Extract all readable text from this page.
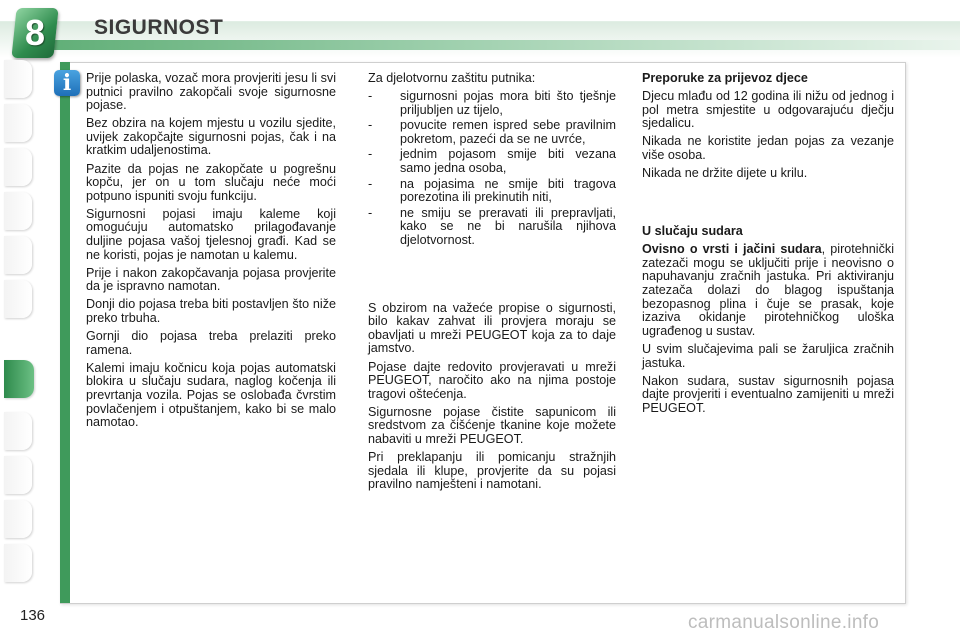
8	SIGURNOST
i	Prije polaska, vozač mora provjeriti jesu li svi putnici pravilno zakopčali svoje sigurnosne pojase.

Bez obzira na kojem mjestu u vozilu sjedite, uvijek zakopčajte sigurnosni pojas, čak i na kratkim udaljenostima.

Pazite da pojas ne zakopčate u pogrešnu kopču, jer on u tom slučaju neće moći potpuno ispuniti svoju funkciju.

Sigurnosni pojasi imaju kaleme koji omogućuju automatsko prilagođavanje duljine pojasa vašoj tjelesnoj građi. Kad se ne koristi, pojas je namotan u kalemu.

Prije i nakon zakopčavanja pojasa provjerite da je ispravno namotan.

Donji dio pojasa treba biti postavljen što niže preko trbuha.

Gornji dio pojasa treba prelaziti preko ramena.

Kalemi imaju kočnicu koja pojas automatski blokira u slučaju sudara, naglog kočenja ili prevrtanja vozila. Pojas se oslobađa čvrstim povlačenjem i otpuštanjem, kako bi se malo namotao.

Za djelotvornu zaštitu putnika:

- sigurnosni pojas mora biti što tješnje priljubljen uz tijelo,
- povucite remen ispred sebe pravilnim pokretom, pazeći da se ne uvrće,
- jednim pojasom smije biti vezana samo jedna osoba,
- na pojasima ne smije biti tragova porezotina ili prekinutih niti,
- ne smiju se preravati ili prepravljati, kako se ne bi narušila njihova djelotvornost.

S obzirom na važeće propise o sigurnosti, bilo kakav zahvat ili provjera moraju se obavljati u mreži PEUGEOT koja za to daje jamstvo.

Pojase dajte redovito provjeravati u mreži PEUGEOT, naročito ako na njima postoje tragovi oštećenja.

Sigurnosne pojase čistite sapunicom ili sredstvom za čišćenje tkanine koje možete nabaviti u mreži PEUGEOT.

Pri preklapanju ili pomicanju stražnjih sjedala ili klupe, provjerite da su pojasi pravilno namješteni i namotani.

Preporuke za prijevoz djece

Djecu mlađu od 12 godina ili nižu od jednog i pol metra smjestite u odgovarajuću dječju sjedalicu.

Nikada ne koristite jedan pojas za vezanje više osoba.

Nikada ne držite dijete u krilu.

U slučaju sudara

Ovisno o vrsti i jačini sudara, pirotehnički zatezači mogu se uključiti prije i neovisno o napuhavanju zračnih jastuka. Pri aktiviranju zatezača dolazi do blagog ispuštanja bezopasnog plina i čuje se prasak, koje izaziva okidanje pirotehničkog uloška ugrađenog u sustav.

U svim slučajevima pali se žaruljica zračnih jastuka.

Nakon sudara, sustav sigurnosnih pojasa dajte provjeriti i eventualno zamijeniti u mreži PEUGEOT.

136	carmanualsonline.info
